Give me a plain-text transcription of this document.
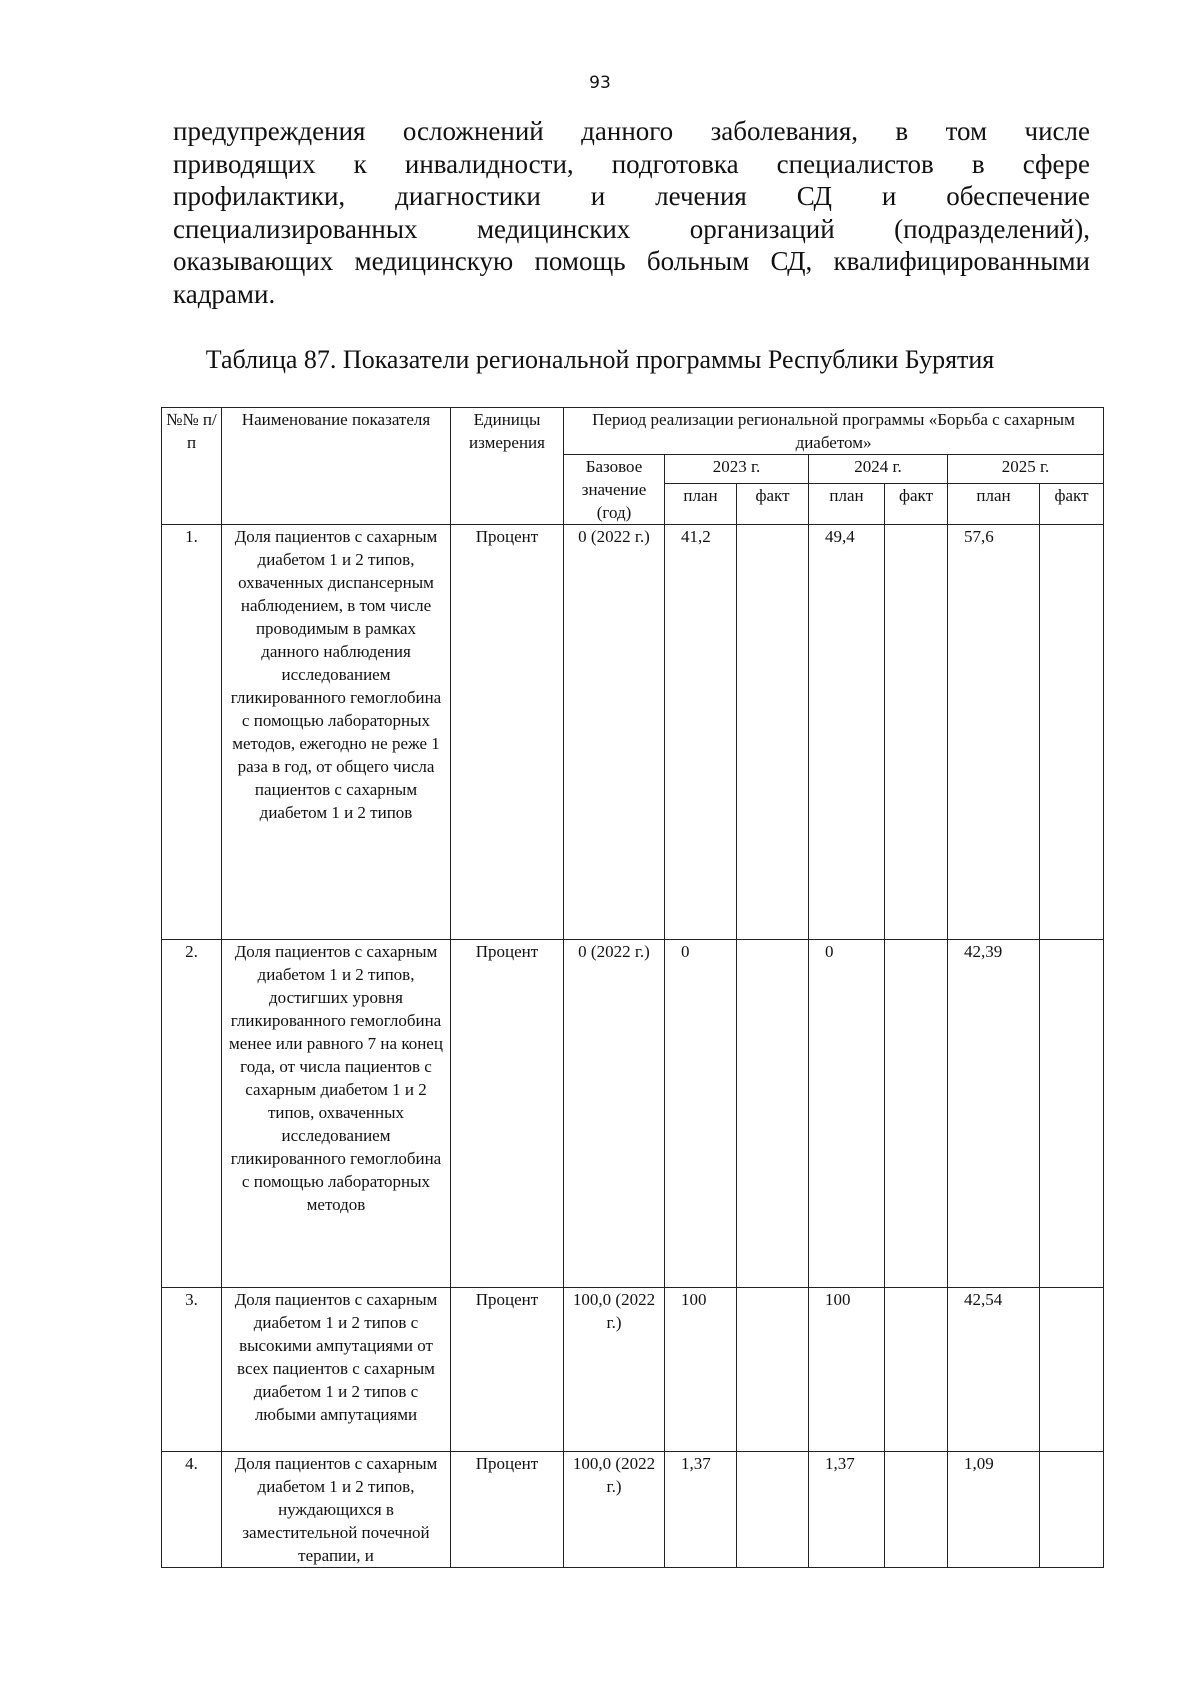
93
предупреждения осложнений данного заболевания, в том числе
приводящих к инвалидности, подготовка специалистов в сфере
профилактики, диагностики и лечения СД и обеспечение
специализированных медицинских организаций (подразделений),
оказывающих медицинскую помощь больным СД, квалифицированными
кадрами.
Таблица 87. Показатели региональной программы Республики Бурятия
№№ п/п	Наименование показателя	Единицы измерения	Период реализации региональной программы «Борьба с сахарным диабетом»						
			Базовое значение (год)	2023 г.		2024 г.		2025 г.	
				план	факт	план	факт	план	факт
1.	Доля пациентов с сахарным диабетом 1 и 2 типов, охваченных диспансерным наблюдением, в том числе проводимым в рамках данного наблюдения исследованием гликированного гемоглобина с помощью лабораторных методов, ежегодно не реже 1 раза в год, от общего числа пациентов с сахарным диабетом 1 и 2 типов	Процент	0 (2022 г.)	41,2		49,4		57,6	
2.	Доля пациентов с сахарным диабетом 1 и 2 типов, достигших уровня гликированного гемоглобина менее или равного 7 на конец года, от числа пациентов с сахарным диабетом 1 и 2 типов, охваченных исследованием гликированного гемоглобина с помощью лабораторных методов	Процент	0 (2022 г.)	0		0		42,39	
3.	Доля пациентов с сахарным диабетом 1 и 2 типов с высокими ампутациями от всех пациентов с сахарным диабетом 1 и 2 типов с любыми ампутациями	Процент	100,0 (2022 г.)	100		100		42,54	
4.	Доля пациентов с сахарным диабетом 1 и 2 типов, нуждающихся в заместительной почечной терапии, и	Процент	100,0 (2022 г.)	1,37		1,37		1,09	
